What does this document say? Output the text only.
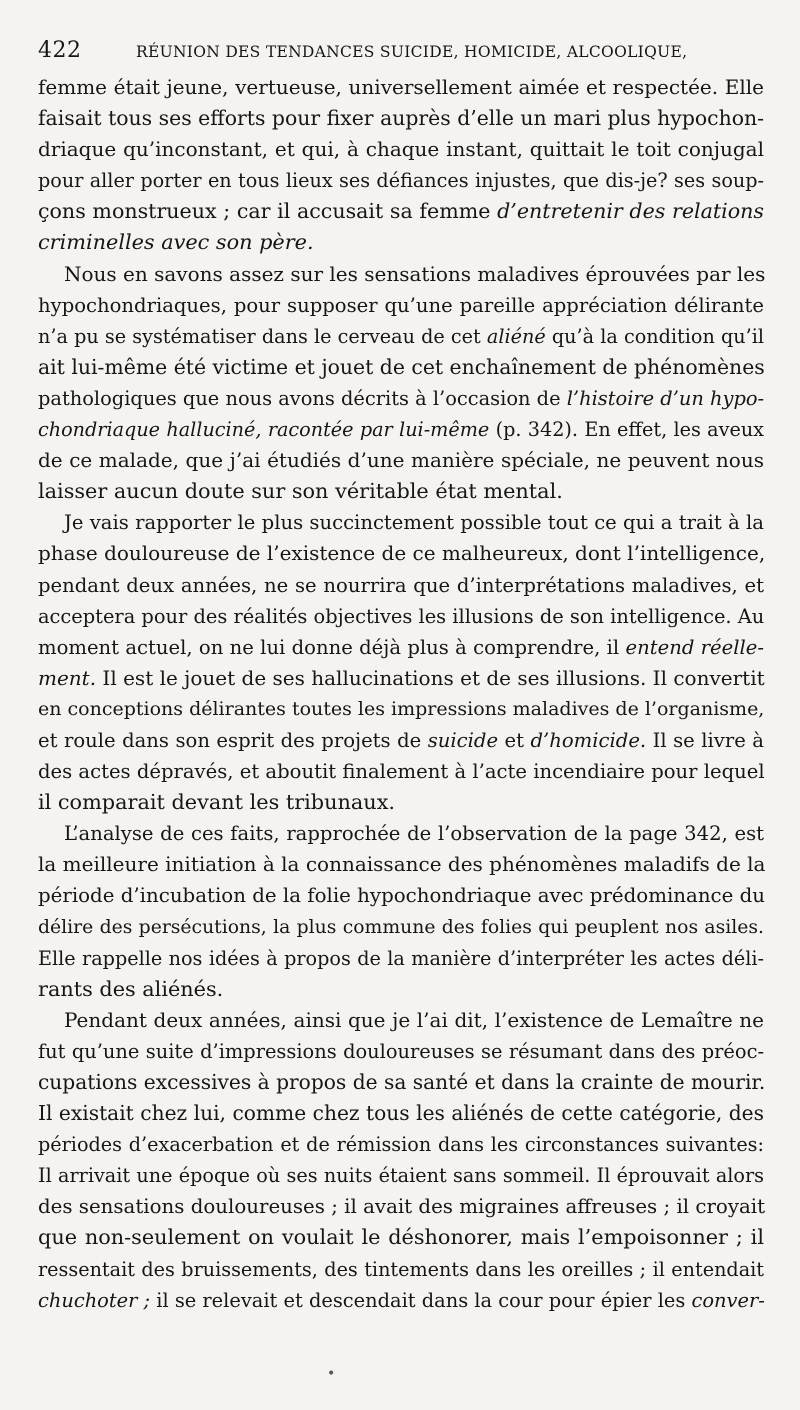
422	RÉUNION DES TENDANCES SUICIDE, HOMICIDE, ALCOOLIQUE,
femme était jeune, vertueuse, universellement aimée et respectée. Elle
faisait tous ses efforts pour fixer auprès d’elle un mari plus hypochon-
driaque qu’inconstant, et qui, à chaque instant, quittait le toit conjugal
pour aller porter en tous lieux ses défiances injustes, que dis-je? ses soup-
çons monstrueux ; car il accusait sa femme d’entretenir des relations
criminelles avec son père.
Nous en savons assez sur les sensations maladives éprouvées par les
hypochondriaques, pour supposer qu’une pareille appréciation délirante
n’a pu se systématiser dans le cerveau de cet aliéné qu’à la condition qu’il
ait lui-même été victime et jouet de cet enchaînement de phénomènes
pathologiques que nous avons décrits à l’occasion de l’histoire d’un hypo-
chondriaque halluciné, racontée par lui-même (p. 342). En effet, les aveux
de ce malade, que j’ai étudiés d’une manière spéciale, ne peuvent nous
laisser aucun doute sur son véritable état mental.
Je vais rapporter le plus succinctement possible tout ce qui a trait à la
phase douloureuse de l’existence de ce malheureux, dont l’intelligence,
pendant deux années, ne se nourrira que d’interprétations maladives, et
acceptera pour des réalités objectives les illusions de son intelligence. Au
moment actuel, on ne lui donne déjà plus à comprendre, il entend réelle-
ment. Il est le jouet de ses hallucinations et de ses illusions. Il convertit
en conceptions délirantes toutes les impressions maladives de l’organisme,
et roule dans son esprit des projets de suicide et d’homicide. Il se livre à
des actes dépravés, et aboutit finalement à l’acte incendiaire pour lequel
il comparait devant les tribunaux.
L’analyse de ces faits, rapprochée de l’observation de la page 342, est
la meilleure initiation à la connaissance des phénomènes maladifs de la
période d’incubation de la folie hypochondriaque avec prédominance du
délire des persécutions, la plus commune des folies qui peuplent nos asiles.
Elle rappelle nos idées à propos de la manière d’interpréter les actes déli-
rants des aliénés.
Pendant deux années, ainsi que je l’ai dit, l’existence de Lemaître ne
fut qu’une suite d’impressions douloureuses se résumant dans des préoc-
cupations excessives à propos de sa santé et dans la crainte de mourir.
Il existait chez lui, comme chez tous les aliénés de cette catégorie, des
périodes d’exacerbation et de rémission dans les circonstances suivantes:
Il arrivait une époque où ses nuits étaient sans sommeil. Il éprouvait alors
des sensations douloureuses ; il avait des migraines affreuses ; il croyait
que non-seulement on voulait le déshonorer, mais l’empoisonner ; il
ressentait des bruissements, des tintements dans les oreilles ; il entendait
chuchoter ; il se relevait et descendait dans la cour pour épier les conver-
•
